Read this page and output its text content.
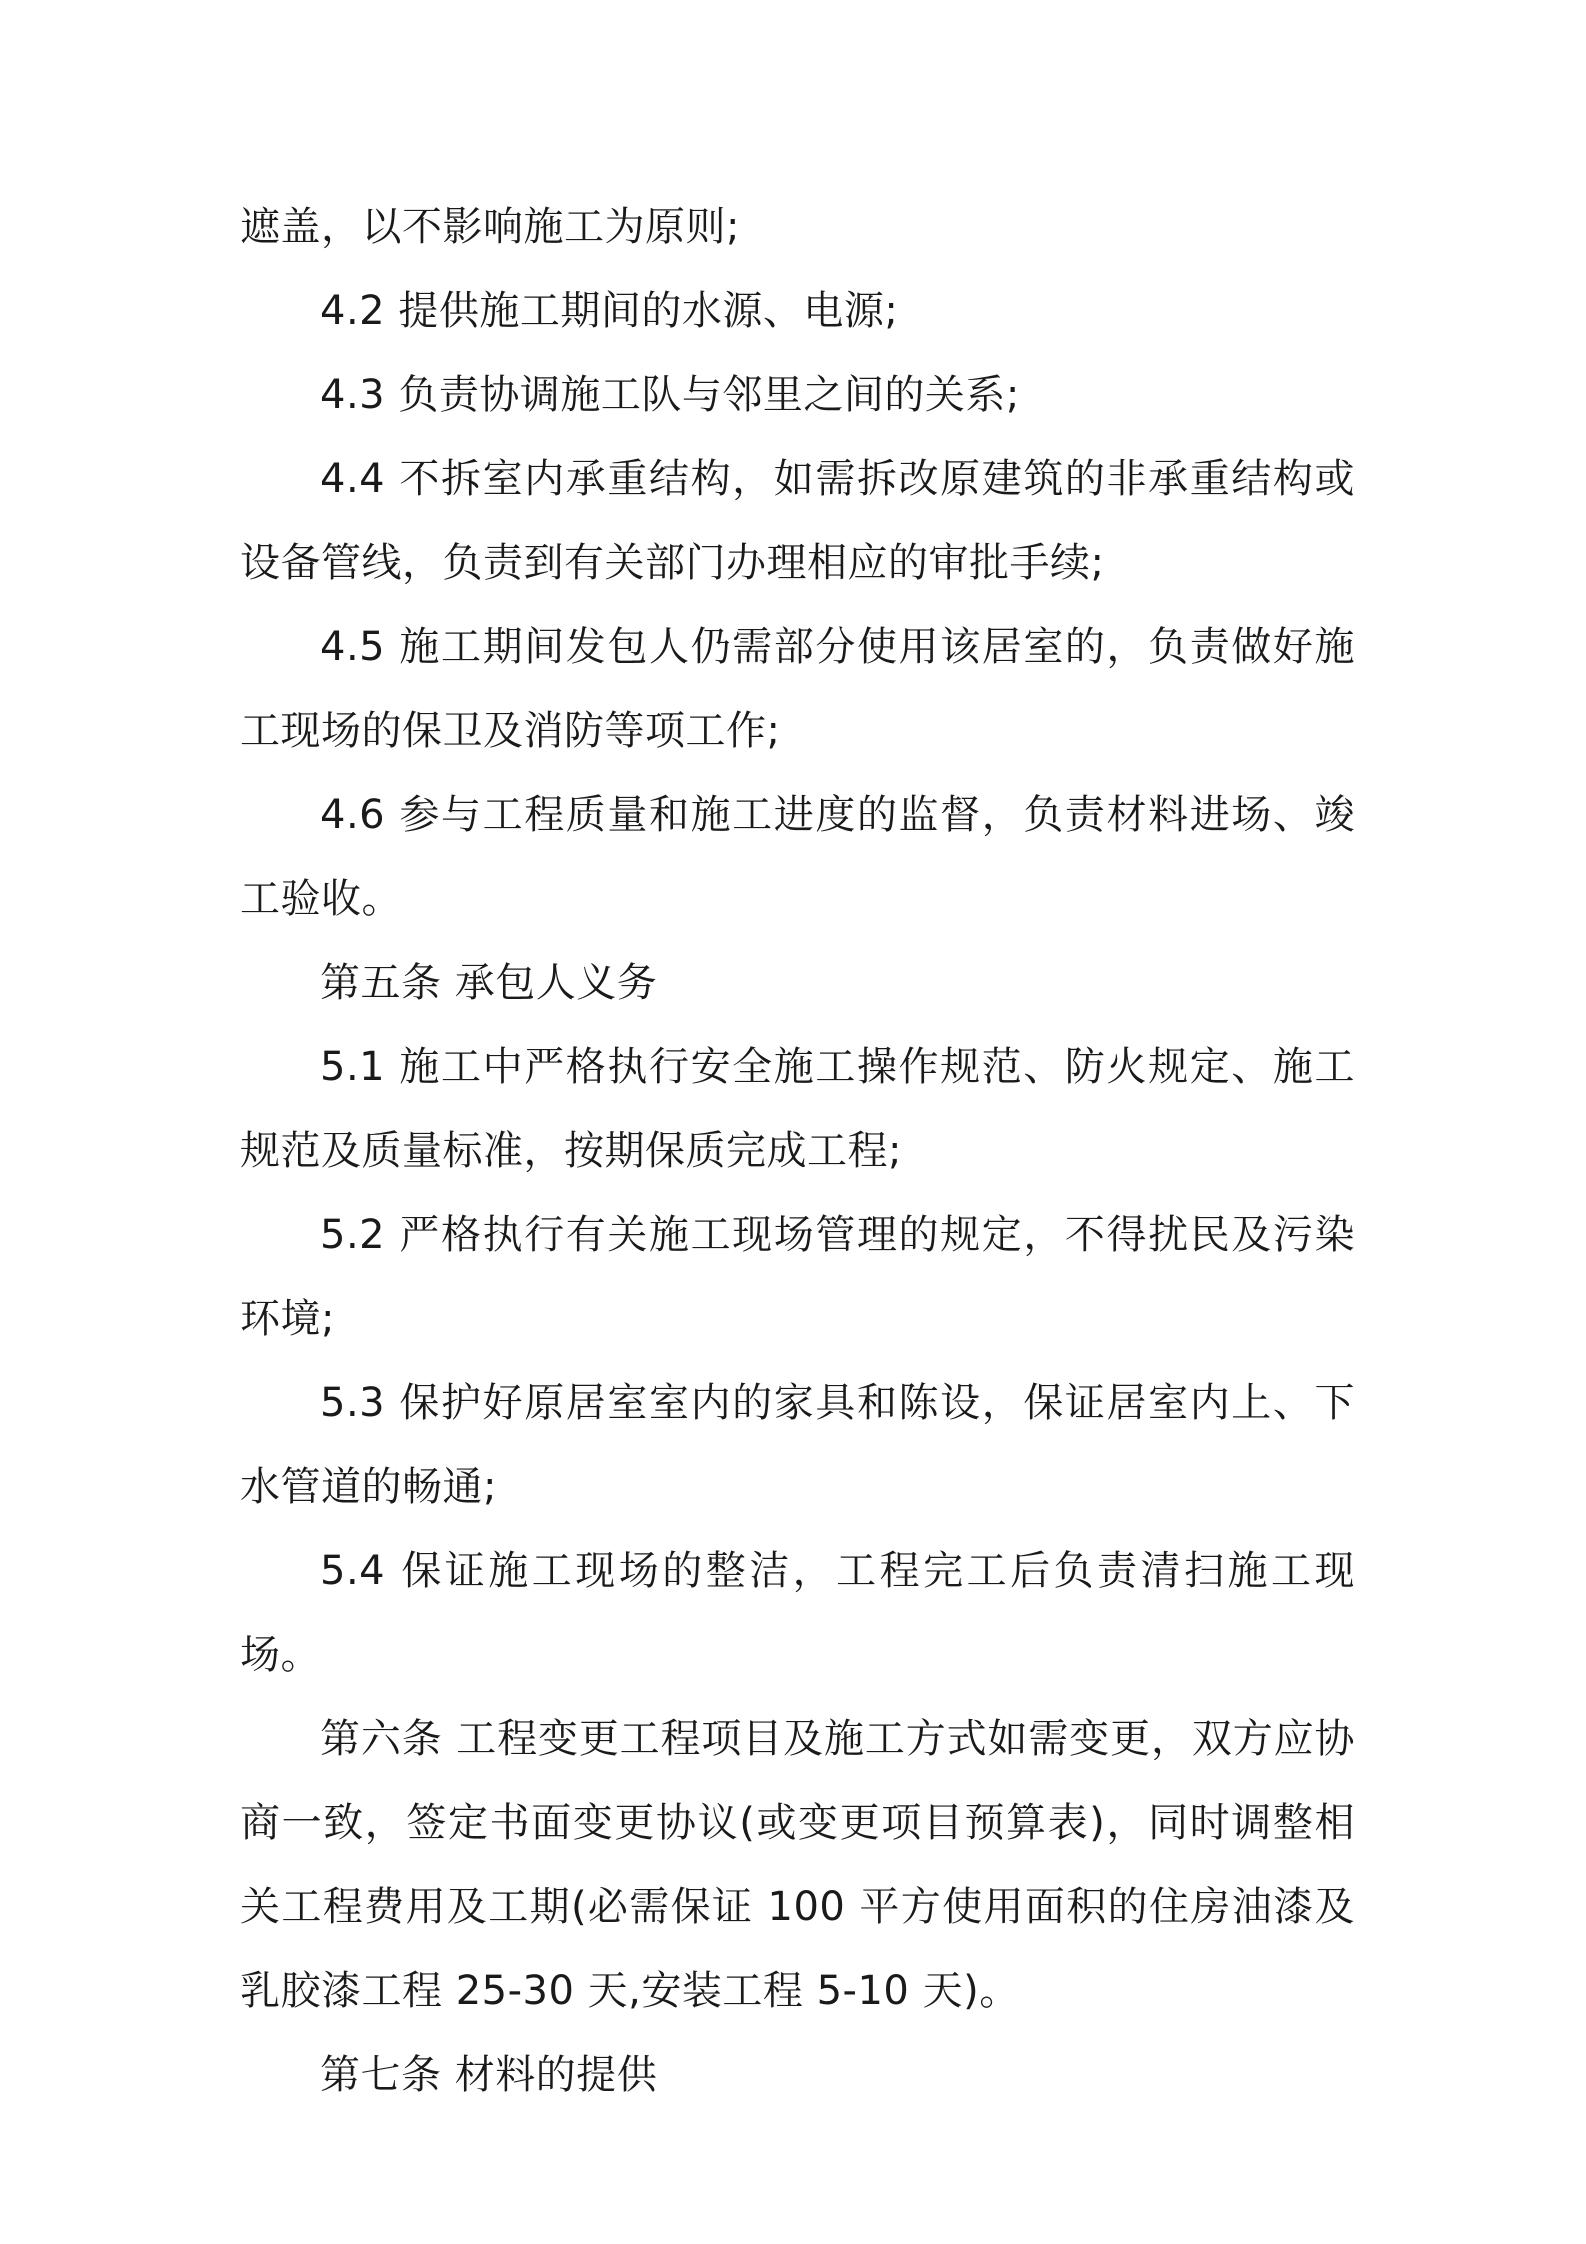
遮盖，以不影响施工为原则;

4.2 提供施工期间的水源、电源;

4.3 负责协调施工队与邻里之间的关系;

4.4 不拆室内承重结构，如需拆改原建筑的非承重结构或设备管线，负责到有关部门办理相应的审批手续;

4.5 施工期间发包人仍需部分使用该居室的，负责做好施工现场的保卫及消防等项工作;

4.6 参与工程质量和施工进度的监督，负责材料进场、竣工验收。

第五条 承包人义务

5.1 施工中严格执行安全施工操作规范、防火规定、施工规范及质量标准，按期保质完成工程;

5.2 严格执行有关施工现场管理的规定，不得扰民及污染环境;

5.3 保护好原居室室内的家具和陈设，保证居室内上、下水管道的畅通;

5.4 保证施工现场的整洁，工程完工后负责清扫施工现场。

第六条 工程变更工程项目及施工方式如需变更，双方应协商一致，签定书面变更协议(或变更项目预算表)，同时调整相关工程费用及工期(必需保证 100 平方使用面积的住房油漆及乳胶漆工程 25-30 天,安装工程 5-10 天)。

第七条 材料的提供
